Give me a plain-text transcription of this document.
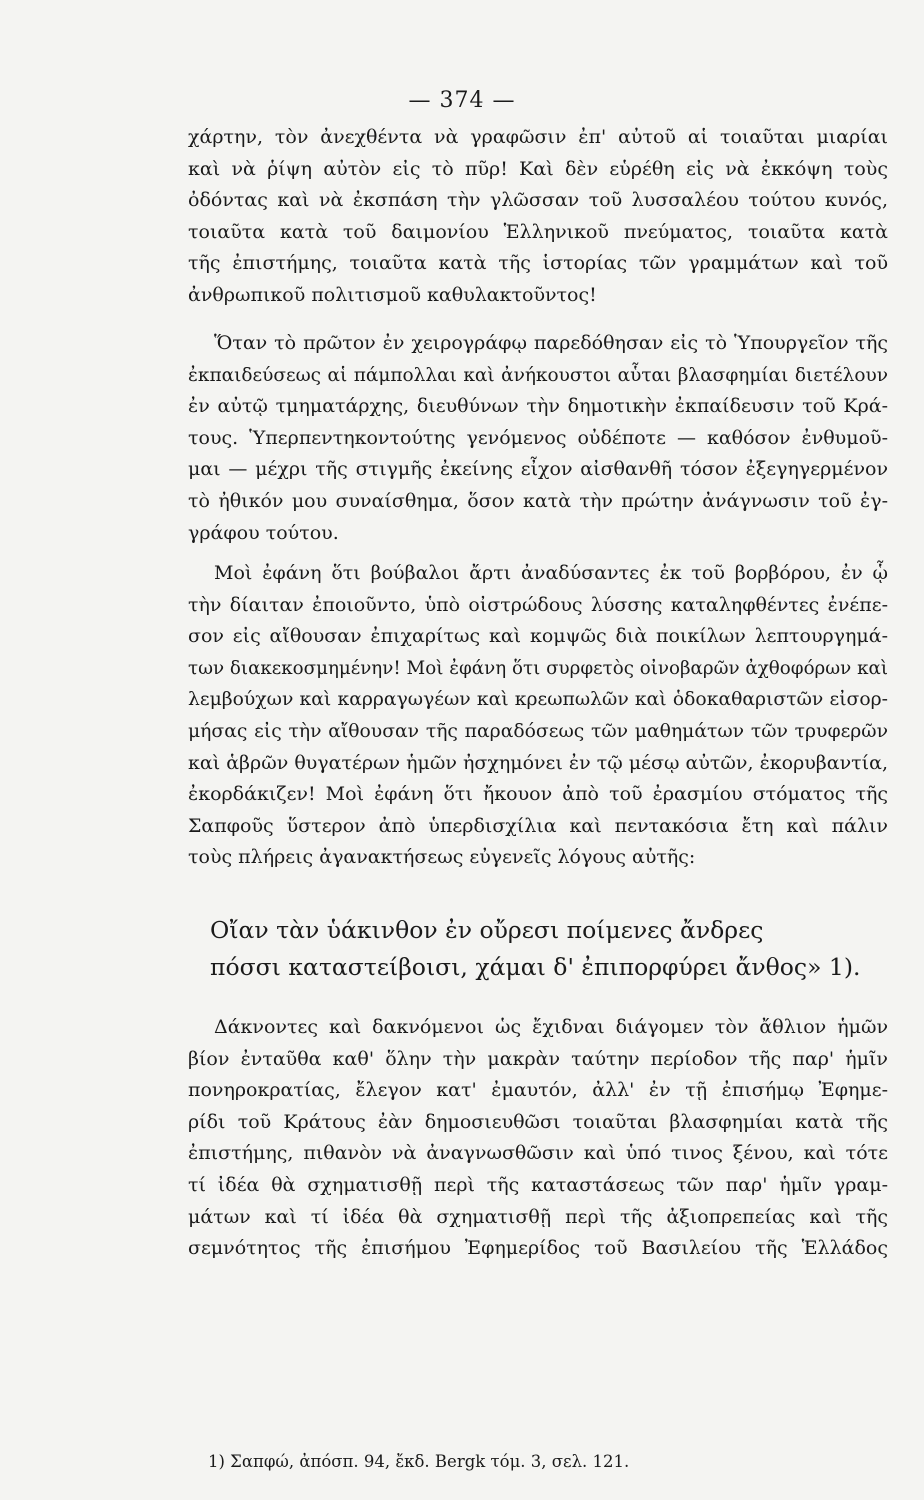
— 374 —
χάρτην, τὸν ἀνεχθέντα νὰ γραφῶσιν ἐπ' αὐτοῦ αἱ τοιαῦται μιαρίαι
καὶ νὰ ῥίψη αὐτὸν εἰς τὸ πῦρ! Καὶ δὲν εὑρέθη εἰς νὰ ἐκκόψη τοὺς
ὀδόντας καὶ νὰ ἐκσπάση τὴν γλῶσσαν τοῦ λυσσαλέου τούτου κυνός,
τοιαῦτα κατὰ τοῦ δαιμονίου Ἑλληνικοῦ πνεύματος, τοιαῦτα κατὰ
τῆς ἐπιστήμης, τοιαῦτα κατὰ τῆς ἱστορίας τῶν γραμμάτων καὶ τοῦ
ἀνθρωπικοῦ πολιτισμοῦ καθυλακτοῦντος!
Ὅταν τὸ πρῶτον ἐν χειρογράφῳ παρεδόθησαν εἰς τὸ Ὑπουργεῖον τῆς
ἐκπαιδεύσεως αἱ πάμπολλαι καὶ ἀνήκουστοι αὗται βλασφημίαι διετέλουν
ἐν αὐτῷ τμηματάρχης, διευθύνων τὴν δημοτικὴν ἐκπαίδευσιν τοῦ Κρά-
τους. Ὑπερπεντηκοντούτης γενόμενος οὐδέποτε — καθόσον ἐνθυμοῦ-
μαι — μέχρι τῆς στιγμῆς ἐκείνης εἶχον αἰσθανθῆ τόσον ἐξεγηγερμένον
τὸ ἠθικόν μου συναίσθημα, ὅσον κατὰ τὴν πρώτην ἀνάγνωσιν τοῦ ἐγ-
γράφου τούτου.
Μοὶ ἐφάνη ὅτι βούβαλοι ἄρτι ἀναδύσαντες ἐκ τοῦ βορβόρου, ἐν ᾧ
τὴν δίαιταν ἐποιοῦντο, ὑπὸ οἰστρώδους λύσσης καταληφθέντες ἐνέπε-
σον εἰς αἴθουσαν ἐπιχαρίτως καὶ κομψῶς διὰ ποικίλων λεπτουργημά-
των διακεκοσμημένην! Μοὶ ἐφάνη ὅτι συρφετὸς οἰνοβαρῶν ἀχθοφόρων καὶ
λεμβούχων καὶ καρραγωγέων καὶ κρεωπωλῶν καὶ ὁδοκαθαριστῶν εἰσορ-
μήσας εἰς τὴν αἴθουσαν τῆς παραδόσεως τῶν μαθημάτων τῶν τρυφερῶν
καὶ ἁβρῶν θυγατέρων ἡμῶν ἠσχημόνει ἐν τῷ μέσῳ αὐτῶν, ἐκορυβαντία,
ἐκορδάκιζεν! Μοὶ ἐφάνη ὅτι ἤκουον ἀπὸ τοῦ ἐρασμίου στόματος τῆς
Σαπφοῦς ὕστερον ἀπὸ ὑπερδισχίλια καὶ πεντακόσια ἔτη καὶ πάλιν
τοὺς πλήρεις ἀγανακτήσεως εὐγενεῖς λόγους αὐτῆς:
Οἴαν τὰν ὑάκινθον ἐν οὔρεσι ποίμενες ἄνδρες
πόσσι καταστείβοισι, χάμαι δ' ἐπιπορφύρει ἄνθος» 1).
Δάκνοντες καὶ δακνόμενοι ὡς ἔχιδναι διάγομεν τὸν ἄθλιον ἡμῶν
βίον ἐνταῦθα καθ' ὅλην τὴν μακρὰν ταύτην περίοδον τῆς παρ' ἡμῖν
πονηροκρατίας, ἔλεγον κατ' ἐμαυτόν, ἀλλ' ἐν τῇ ἐπισήμῳ Ἐφημε-
ρίδι τοῦ Κράτους ἐὰν δημοσιευθῶσι τοιαῦται βλασφημίαι κατὰ τῆς
ἐπιστήμης, πιθανὸν νὰ ἀναγνωσθῶσιν καὶ ὑπό τινος ξένου, καὶ τότε
τί ἰδέα θὰ σχηματισθῇ περὶ τῆς καταστάσεως τῶν παρ' ἡμῖν γραμ-
μάτων καὶ τί ἰδέα θὰ σχηματισθῇ περὶ τῆς ἀξιοπρεπείας καὶ τῆς
σεμνότητος τῆς ἐπισήμου Ἐφημερίδος τοῦ Βασιλείου τῆς Ἑλλάδος
1) Σαπφώ, ἀπόσπ. 94, ἔκδ. Bergk τόμ. 3, σελ. 121.
